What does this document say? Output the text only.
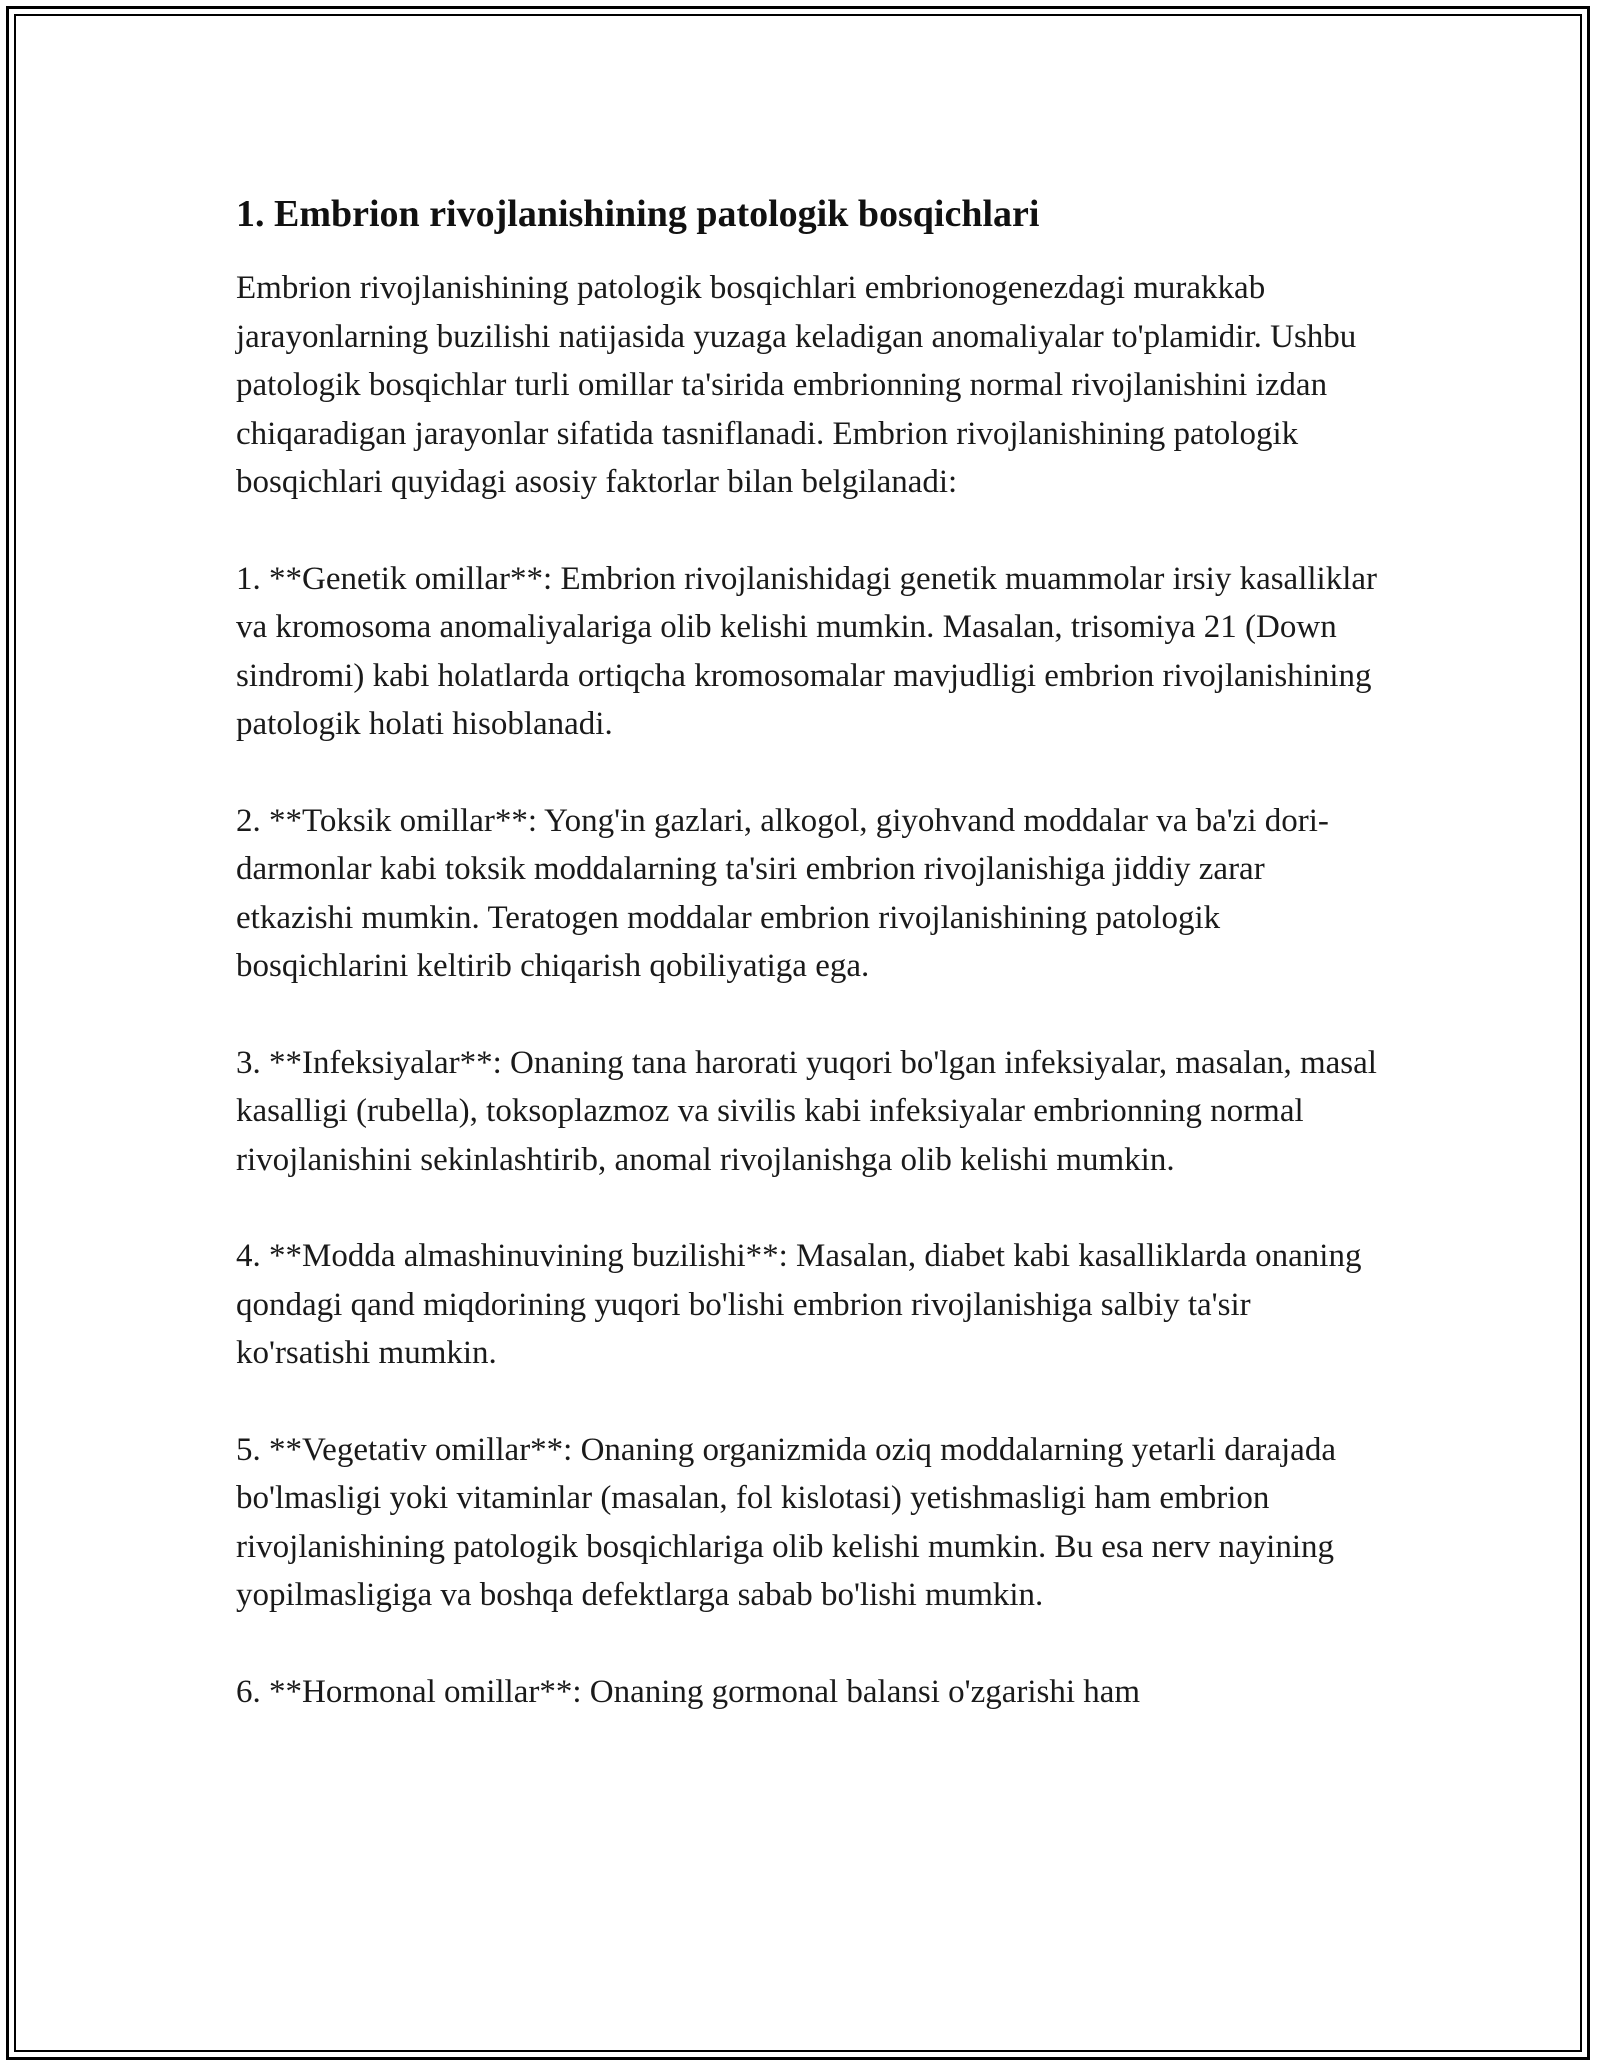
1. Embrion rivojlanishining patologik bosqichlari

Embrion rivojlanishining patologik bosqichlari embrionogenezdagi murakkab jarayonlarning buzilishi natijasida yuzaga keladigan anomaliyalar to'plamidir. Ushbu patologik bosqichlar turli omillar ta'sirida embrionning normal rivojlanishini izdan chiqaradigan jarayonlar sifatida tasniflanadi. Embrion rivojlanishining patologik bosqichlari quyidagi asosiy faktorlar bilan belgilanadi:

1. **Genetik omillar**: Embrion rivojlanishidagi genetik muammolar irsiy kasalliklar va kromosoma anomaliyalariga olib kelishi mumkin. Masalan, trisomiya 21 (Down sindromi) kabi holatlarda ortiqcha kromosomalar mavjudligi embrion rivojlanishining patologik holati hisoblanadi.

2. **Toksik omillar**: Yong'in gazlari, alkogol, giyohvand moddalar va ba'zi dori-darmonlar kabi toksik moddalarning ta'siri embrion rivojlanishiga jiddiy zarar etkazishi mumkin. Teratogen moddalar embrion rivojlanishining patologik bosqichlarini keltirib chiqarish qobiliyatiga ega.

3. **Infeksiyalar**: Onaning tana harorati yuqori bo'lgan infeksiyalar, masalan, masal kasalligi (rubella), toksoplazmoz va sivilis kabi infeksiyalar embrionning normal rivojlanishini sekinlashtirib, anomal rivojlanishga olib kelishi mumkin.

4. **Modda almashinuvining buzilishi**: Masalan, diabet kabi kasalliklarda onaning qondagi qand miqdorining yuqori bo'lishi embrion rivojlanishiga salbiy ta'sir ko'rsatishi mumkin.

5. **Vegetativ omillar**: Onaning organizmida oziq moddalarning yetarli darajada bo'lmasligi yoki vitaminlar (masalan, fol kislotasi) yetishmasligi ham embrion rivojlanishining patologik bosqichlariga olib kelishi mumkin. Bu esa nerv nayining yopilmasligiga va boshqa defektlarga sabab bo'lishi mumkin.

6. **Hormonal omillar**: Onaning gormonal balansi o'zgarishi ham
